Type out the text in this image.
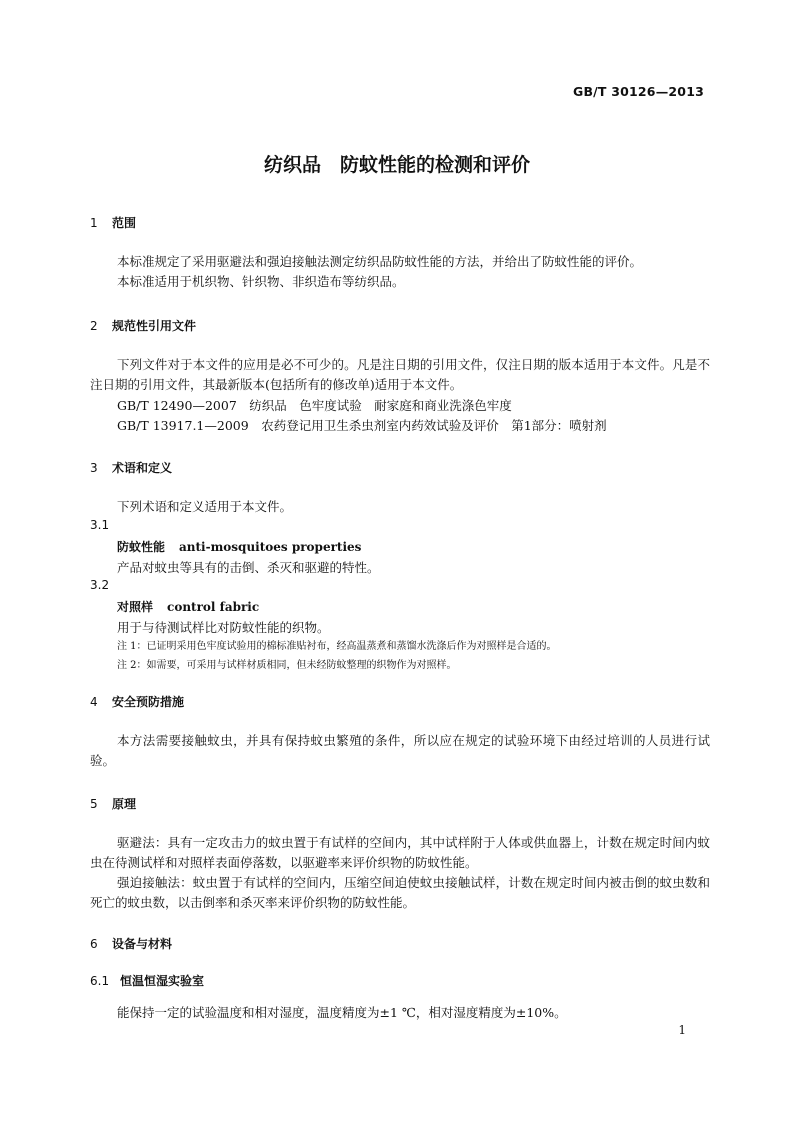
GB/T 30126—2013
纺织品　防蚊性能的检测和评价
1 范围
本标准规定了采用驱避法和强迫接触法测定纺织品防蚊性能的方法，并给出了防蚊性能的评价。
本标准适用于机织物、针织物、非织造布等纺织品。
2 规范性引用文件
下列文件对于本文件的应用是必不可少的。凡是注日期的引用文件，仅注日期的版本适用于本文件。凡是不注日期的引用文件，其最新版本(包括所有的修改单)适用于本文件。
GB/T 12490—2007　纺织品　色牢度试验　耐家庭和商业洗涤色牢度
GB/T 13917.1—2009　农药登记用卫生杀虫剂室内药效试验及评价　第1部分：喷射剂
3 术语和定义
下列术语和定义适用于本文件。
3.1
防蚊性能 anti-mosquitoes properties
产品对蚊虫等具有的击倒、杀灭和驱避的特性。
3.2
对照样 control fabric
用于与待测试样比对防蚊性能的织物。
注 1：已证明采用色牢度试验用的棉标准贴衬布，经高温蒸煮和蒸馏水洗涤后作为对照样是合适的。
注 2：如需要，可采用与试样材质相同，但未经防蚊整理的织物作为对照样。
4 安全预防措施
本方法需要接触蚊虫，并具有保持蚊虫繁殖的条件，所以应在规定的试验环境下由经过培训的人员进行试验。
5 原理
驱避法：具有一定攻击力的蚊虫置于有试样的空间内，其中试样附于人体或供血器上，计数在规定时间内蚊虫在待测试样和对照样表面停落数，以驱避率来评价织物的防蚊性能。
强迫接触法：蚊虫置于有试样的空间内，压缩空间迫使蚊虫接触试样，计数在规定时间内被击倒的蚊虫数和死亡的蚊虫数，以击倒率和杀灭率来评价织物的防蚊性能。
6 设备与材料
6.1 恒温恒湿实验室
能保持一定的试验温度和相对湿度，温度精度为±1 ℃，相对湿度精度为±10%。
1
